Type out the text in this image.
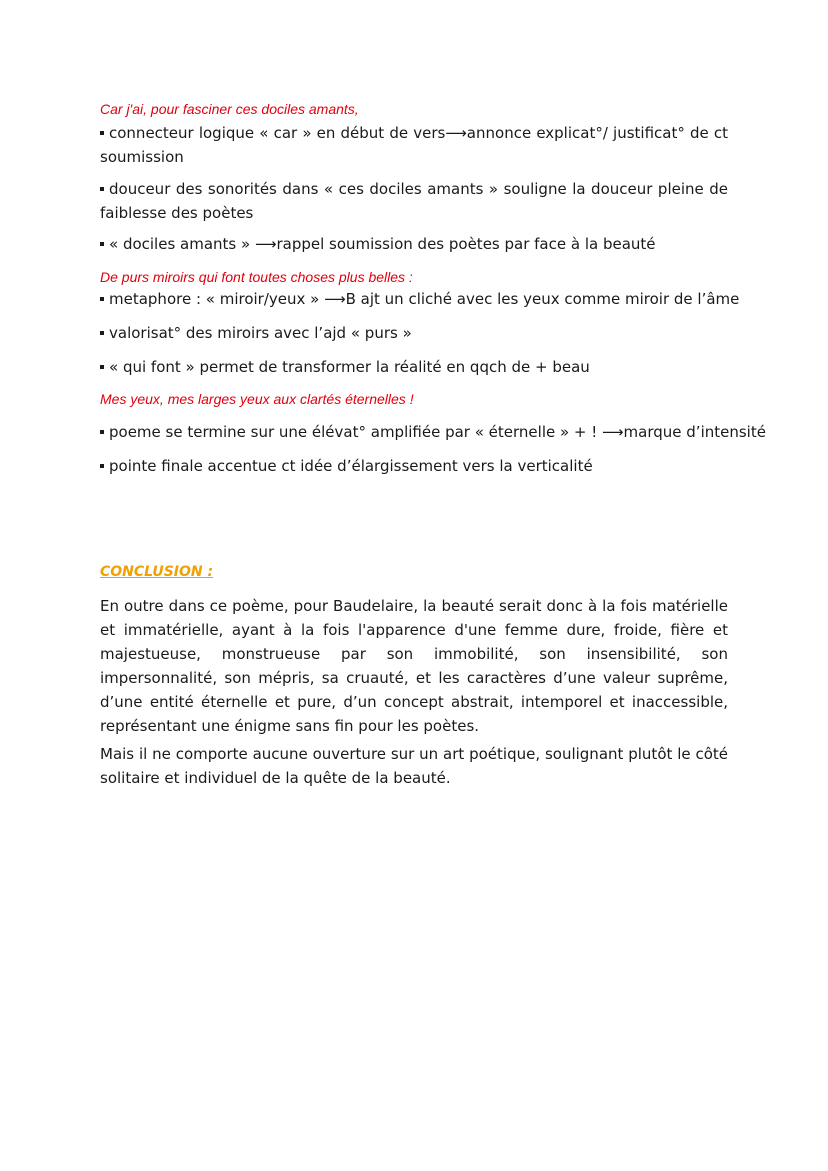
Car j'ai, pour fasciner ces dociles amants,

connecteur logique « car » en début de vers⟶annonce explicat°/ justificat° de ct soumission
douceur des sonorités dans « ces dociles amants » souligne la douceur pleine de faiblesse des poètes
« dociles amants » ⟶rappel soumission des poètes par face à la beauté

De purs miroirs qui font toutes choses plus belles :

metaphore : « miroir/yeux » ⟶B ajt un cliché avec les yeux comme miroir de l’âme
valorisat° des miroirs avec l’ajd « purs »
« qui font » permet de transformer la réalité en qqch de + beau

Mes yeux, mes larges yeux aux clartés éternelles !

poeme se termine sur une élévat° amplifiée par « éternelle » + ! ⟶marque d’intensité
pointe finale accentue ct idée d’élargissement vers la verticalité

CONCLUSION :

En outre dans ce poème, pour Baudelaire, la beauté serait donc à la fois matérielle et immatérielle, ayant à la fois l'apparence d'une femme dure, froide, fière et majestueuse, monstrueuse par son immobilité, son insensibilité, son impersonnalité, son mépris, sa cruauté, et les caractères d’une valeur suprême, d’une entité éternelle et pure, d’un concept abstrait, intemporel et inaccessible, représentant une énigme sans fin pour les poètes.

Mais il ne comporte aucune ouverture sur un art poétique, soulignant plutôt le côté solitaire et individuel de la quête de la beauté.
